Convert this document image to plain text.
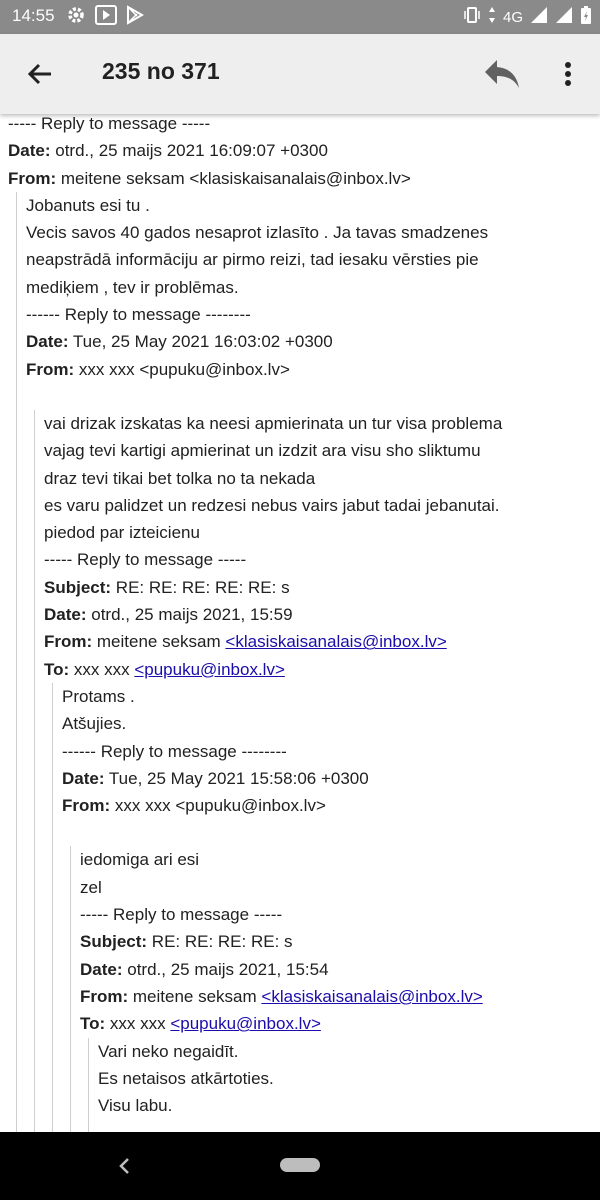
14:55	4G
235 no 371
----- Reply to message -----
Date: otrd., 25 maijs 2021 16:09:07 +0300
From: meitene seksam <klasiskaisanalais@inbox.lv>
Jobanuts esi tu .
Vecis savos 40 gados nesaprot izlasīto . Ja tavas smadzenes
neapstrādā informāciju ar pirmo reizi, tad iesaku vērsties pie
mediķiem , tev ir problēmas.
------ Reply to message --------
Date: Tue, 25 May 2021 16:03:02 +0300
From: xxx xxx <pupuku@inbox.lv>
vai drizak izskatas ka neesi apmierinata un tur visa problema
vajag tevi kartigi apmierinat un izdzit ara visu sho sliktumu
draz tevi tikai bet tolka no ta nekada
es varu palidzet un redzesi nebus vairs jabut tadai jebanutai.
piedod par izteicienu
----- Reply to message -----
Subject: RE: RE: RE: RE: RE: s
Date: otrd., 25 maijs 2021, 15:59
From: meitene seksam <klasiskaisanalais@inbox.lv>
To: xxx xxx <pupuku@inbox.lv>
Protams .
Atšujies.
------ Reply to message --------
Date: Tue, 25 May 2021 15:58:06 +0300
From: xxx xxx <pupuku@inbox.lv>
iedomiga ari esi
zel
----- Reply to message -----
Subject: RE: RE: RE: RE: s
Date: otrd., 25 maijs 2021, 15:54
From: meitene seksam <klasiskaisanalais@inbox.lv>
To: xxx xxx <pupuku@inbox.lv>
Vari neko negaidīt.
Es netaisos atkārtoties.
Visu labu.
